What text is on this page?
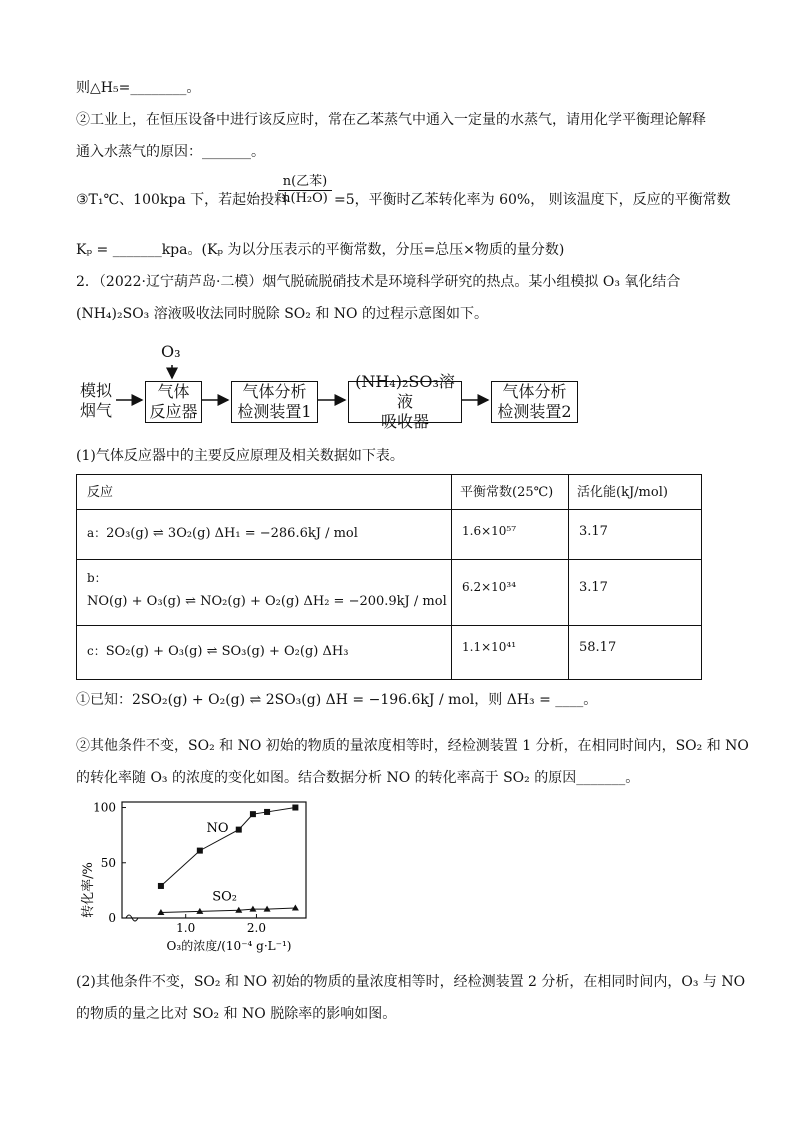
则△H₅=________。
②工业上，在恒压设备中进行该反应时，常在乙苯蒸气中通入一定量的水蒸气，请用化学平衡理论解释
通入水蒸气的原因：_______。
n(乙苯)
n(H₂O)
③T₁℃、100kpa 下，若起始投料	=5，平衡时乙苯转化率为 60%， 则该温度下，反应的平衡常数
Kₚ = _______kpa。(Kₚ 为以分压表示的平衡常数，分压=总压×物质的量分数)
2．（2022·辽宁葫芦岛·二模）烟气脱硫脱硝技术是环境科学研究的热点。某小组模拟 O₃ 氧化结合
(NH₄)₂SO₃ 溶液吸收法同时脱除 SO₂ 和 NO 的过程示意图如下。
O₃
模拟
烟气
气体
反应器
气体分析
检测装置1
(NH₄)₂SO₃溶液
吸收器
气体分析
检测装置2
(1)气体反应器中的主要反应原理及相关数据如下表。
反应	平衡常数(25℃)	活化能(kJ/mol)
a：2O₃(g) ⇌ 3O₂(g) ΔH₁ = −286.6kJ / mol	1.6×10⁵⁷	3.17

b：
NO(g) + O₃(g) ⇌ NO₂(g) + O₂(g) ΔH₂ = −200.9kJ / mol	6.2×10³⁴	3.17
c：SO₂(g) + O₃(g) ⇌ SO₃(g) + O₂(g) ΔH₃	1.1×10⁴¹	58.17
①已知：2SO₂(g) + O₂(g) ⇌ 2SO₃(g) ΔH = −196.6kJ / mol，则 ΔH₃ = ____。
②其他条件不变，SO₂ 和 NO 初始的物质的量浓度相等时，经检测装置 1 分析，在相同时间内，SO₂ 和 NO
的转化率随 O₃ 的浓度的变化如图。结合数据分析 NO 的转化率高于 SO₂ 的原因_______。
0
50
100
1.0	2.0
NO
SO₂
转化率/%
O₃的浓度/(10⁻⁴ g·L⁻¹)
(2)其他条件不变，SO₂ 和 NO 初始的物质的量浓度相等时，经检测装置 2 分析，在相同时间内，O₃ 与 NO
的物质的量之比对 SO₂ 和 NO 脱除率的影响如图。
